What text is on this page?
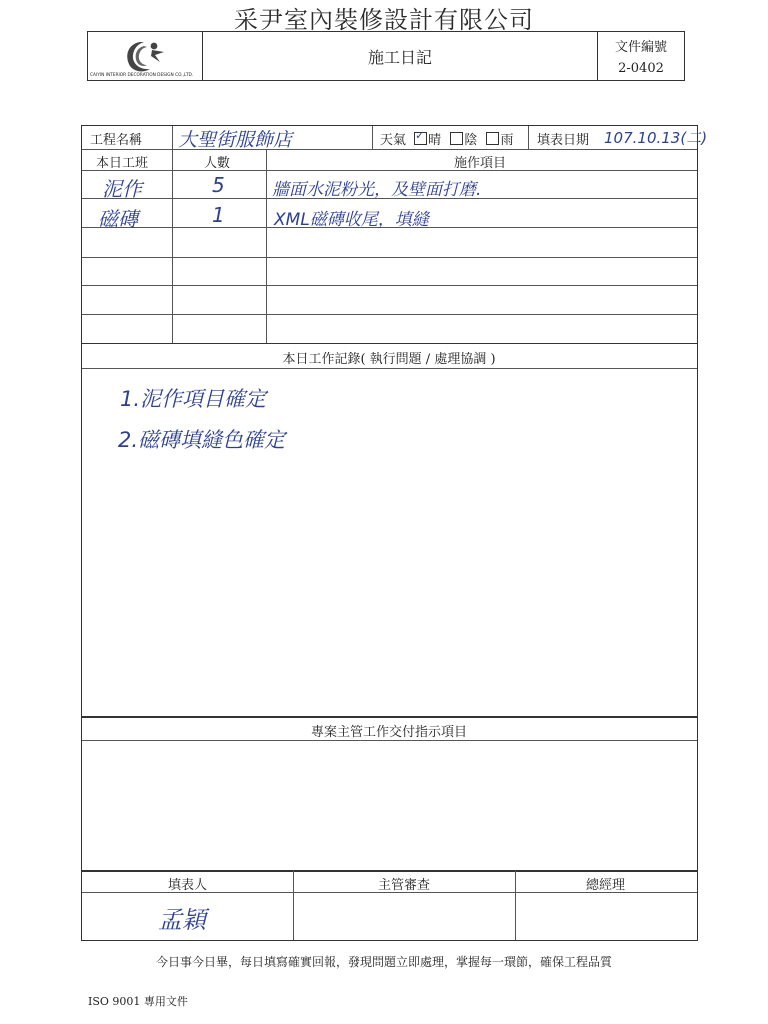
采尹室內裝修設計有限公司
CAIYIN INTERIOR DECORATION DESIGN CO.,LTD.
施工日記	文件編號
2-0402
工程名稱 大聖街服飾店	天氣 ✓ 晴 陰 雨 填表日期 107.10.13(二)
本日工班	人數	施作項目
泥作	5	牆面水泥粉光，及壁面打磨.
磁磚	1	XML磁磚收尾，填縫
本日工作記錄( 執行問題 / 處理協調 )
1.泥作項目確定
2.磁磚填縫色確定
專案主管工作交付指示項目
填表人	主管審查	總經理
孟穎
今日事今日畢，每日填寫確實回報，發現問題立即處理，掌握每一環節，確保工程品質
ISO 9001 專用文件
